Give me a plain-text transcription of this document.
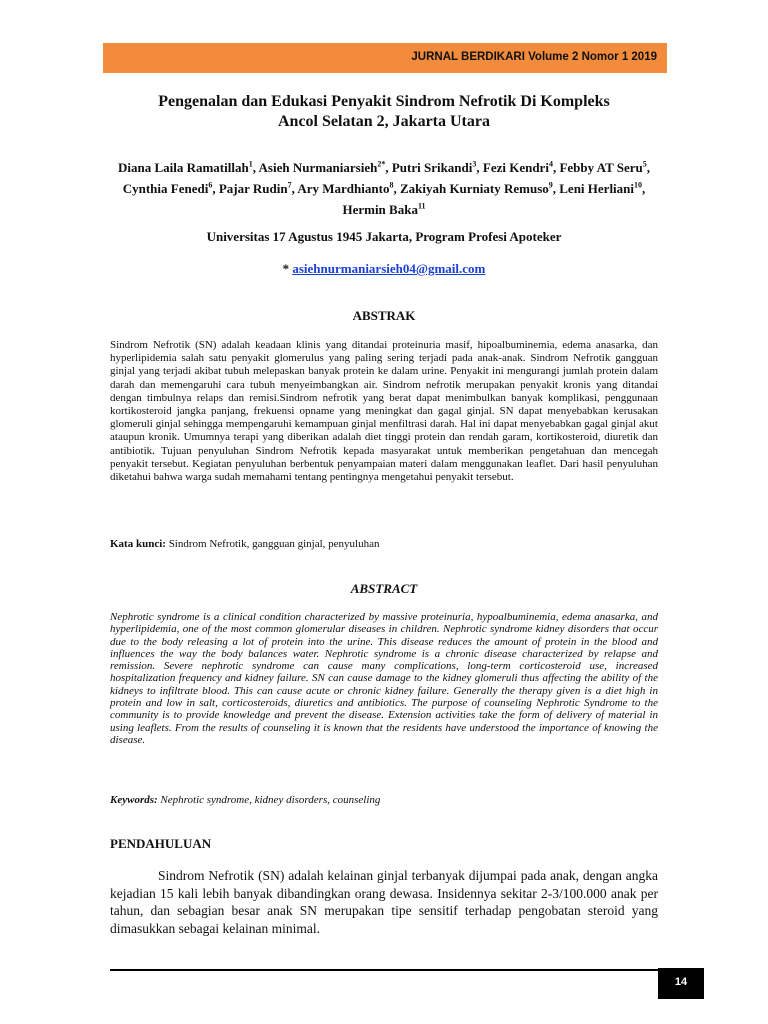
JURNAL BERDIKARI Volume 2 Nomor 1 2019
Pengenalan dan Edukasi Penyakit Sindrom Nefrotik Di Kompleks
Ancol Selatan 2, Jakarta Utara
Diana Laila Ramatillah$^1$, Asieh Nurmaniarsieh$^{2*}$, Putri Srikandi$^3$, Fezi Kendri$^4$, Febby AT Seru$^5$, Cynthia Fenedi$^6$, Pajar Rudin$^7$, Ary Mardhianto$^8$, Zakiyah Kurniaty Remuso$^9$, Leni Herliani$^{10}$, Hermin Baka$^{11}$
Universitas 17 Agustus 1945 Jakarta, Program Profesi Apoteker
* asiehnurmaniarsieh04@gmail.com
ABSTRAK
Sindrom Nefrotik (SN) adalah keadaan klinis yang ditandai proteinuria masif, hipoalbuminemia, edema anasarka, dan hyperlipidemia salah satu penyakit glomerulus yang paling sering terjadi pada anak-anak. Sindrom Nefrotik gangguan ginjal yang terjadi akibat tubuh melepaskan banyak protein ke dalam urine. Penyakit ini mengurangi jumlah protein dalam darah dan memengaruhi cara tubuh menyeimbangkan air. Sindrom nefrotik merupakan penyakit kronis yang ditandai dengan timbulnya relaps dan remisi.Sindrom nefrotik yang berat dapat menimbulkan banyak komplikasi, penggunaan kortikosteroid jangka panjang, frekuensi opname yang meningkat dan gagal ginjal. SN dapat menyebabkan kerusakan glomeruli ginjal sehingga mempengaruhi kemampuan ginjal menfiltrasi darah. Hal ini dapat menyebabkan gagal ginjal akut ataupun kronik. Umumnya terapi yang diberikan adalah diet tinggi protein dan rendah garam, kortikosteroid, diuretik dan antibiotik. Tujuan penyuluhan Sindrom Nefrotik kepada masyarakat untuk memberikan pengetahuan dan mencegah penyakit tersebut. Kegiatan penyuluhan berbentuk penyampaian materi dalam menggunakan leaflet. Dari hasil penyuluhan diketahui bahwa warga sudah memahami tentang pentingnya mengetahui penyakit tersebut.
Kata kunci: Sindrom Nefrotik, gangguan ginjal, penyuluhan
ABSTRACT
Nephrotic syndrome is a clinical condition characterized by massive proteinuria, hypoalbuminemia, edema anasarka, and hyperlipidemia, one of the most common glomerular diseases in children. Nephrotic syndrome kidney disorders that occur due to the body releasing a lot of protein into the urine. This disease reduces the amount of protein in the blood and influences the way the body balances water. Nephrotic syndrome is a chronic disease characterized by relapse and remission. Severe nephrotic syndrome can cause many complications, long-term corticosteroid use, increased hospitalization frequency and kidney failure. SN can cause damage to the kidney glomeruli thus affecting the ability of the kidneys to infiltrate blood. This can cause acute or chronic kidney failure. Generally the therapy given is a diet high in protein and low in salt, corticosteroids, diuretics and antibiotics. The purpose of counseling Nephrotic Syndrome to the community is to provide knowledge and prevent the disease. Extension activities take the form of delivery of material in using leaflets. From the results of counseling it is known that the residents have understood the importance of knowing the disease.
Keywords: Nephrotic syndrome, kidney disorders, counseling
PENDAHULUAN
Sindrom Nefrotik (SN) adalah kelainan ginjal terbanyak dijumpai pada anak, dengan angka kejadian 15 kali lebih banyak dibandingkan orang dewasa. Insidennya sekitar 2-3/100.000 anak per tahun, dan sebagian besar anak SN merupakan tipe sensitif terhadap pengobatan steroid yang dimasukkan sebagai kelainan minimal.
14
